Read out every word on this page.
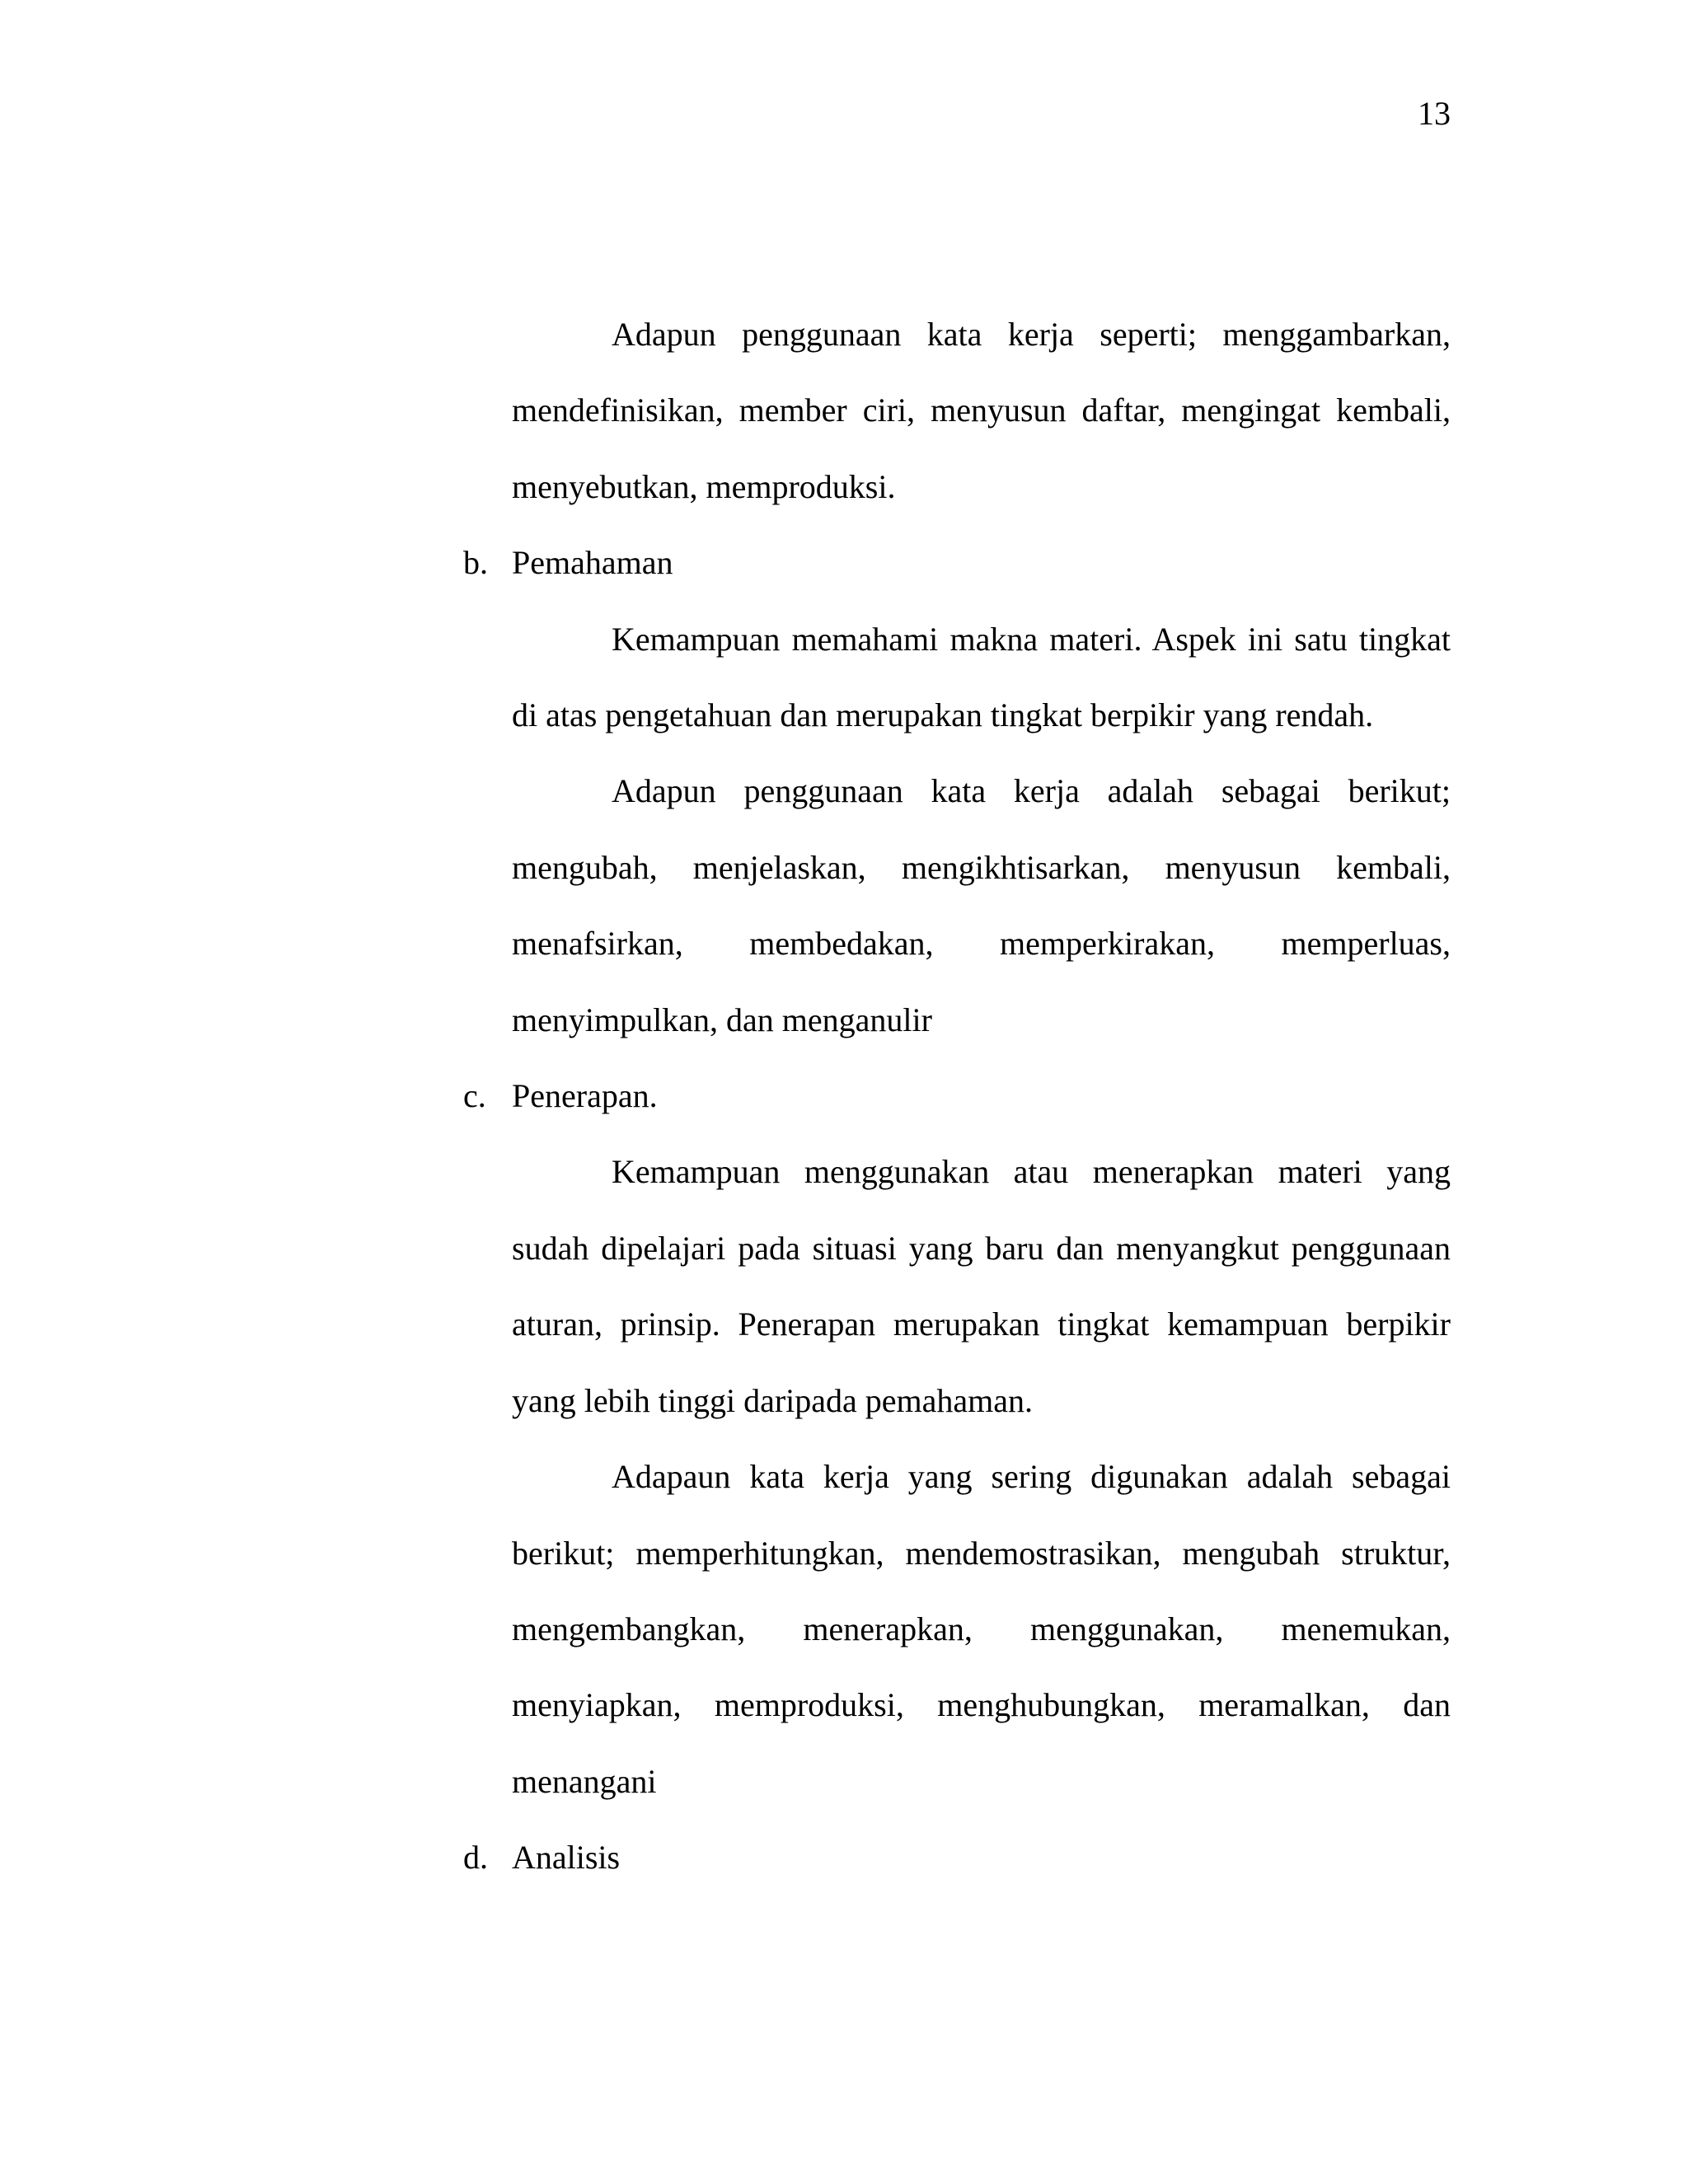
13
Adapun penggunaan kata kerja seperti; menggambarkan,
mendefinisikan, member ciri, menyusun daftar, mengingat kembali,
menyebutkan, memproduksi.
b. Pemahaman
Kemampuan memahami makna materi. Aspek ini satu tingkat
di atas pengetahuan dan merupakan tingkat berpikir yang rendah.
Adapun penggunaan kata kerja adalah sebagai berikut;
mengubah, menjelaskan, mengikhtisarkan, menyusun kembali,
menafsirkan, membedakan, memperkirakan, memperluas,
menyimpulkan, dan menganulir
c. Penerapan.
Kemampuan menggunakan atau menerapkan materi yang
sudah dipelajari pada situasi yang baru dan menyangkut penggunaan
aturan, prinsip. Penerapan merupakan tingkat kemampuan berpikir
yang lebih tinggi daripada pemahaman.
Adapaun kata kerja yang sering digunakan adalah sebagai
berikut; memperhitungkan, mendemostrasikan, mengubah struktur,
mengembangkan, menerapkan, menggunakan, menemukan,
menyiapkan, memproduksi, menghubungkan, meramalkan, dan
menangani
d. Analisis
